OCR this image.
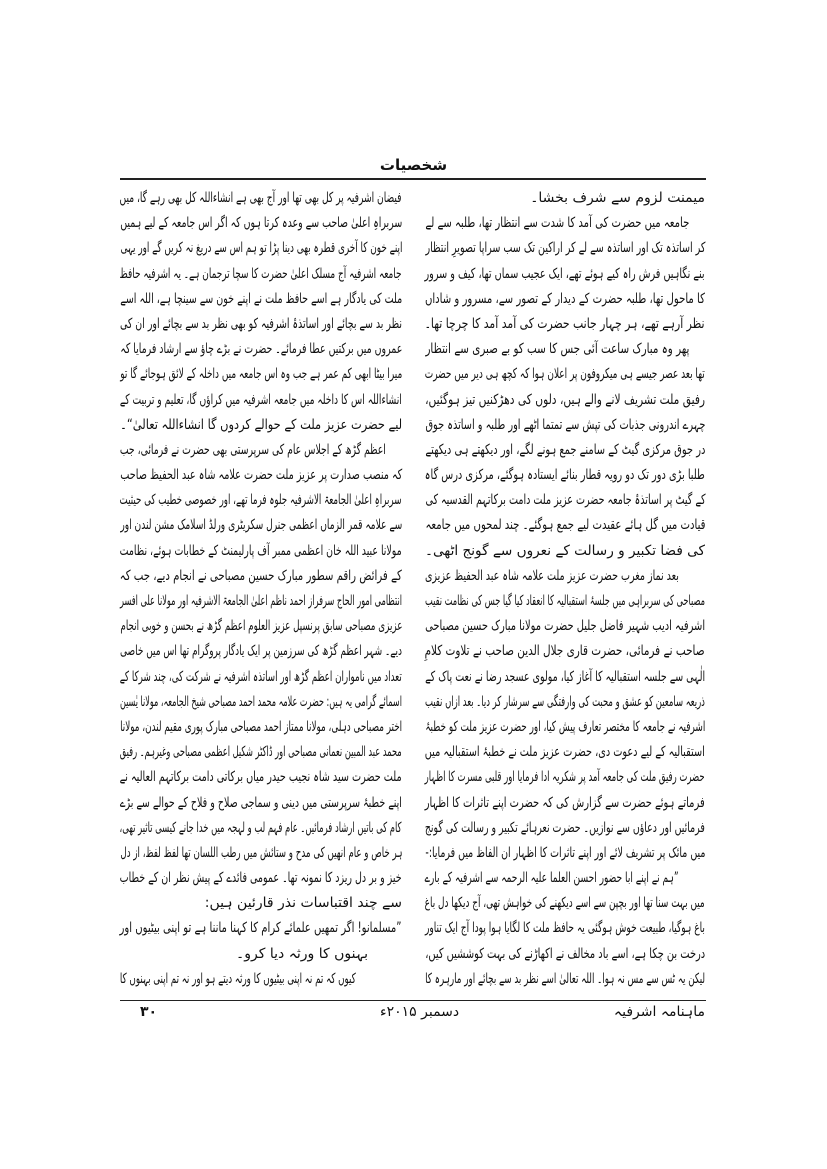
شخصیات
میمنت لزوم سے شرف بخشا۔
جامعہ میں حضرت کی آمد کا شدت سے انتظار تھا، طلبہ سے لے
کر اساتذہ تک اور اساتذہ سے لے کر اراکین تک سب سراپا تصویرِ انتظار
بنے نگاہیں فرش راہ کیے ہوئے تھے، ایک عجیب سماں تھا، کیف و سرور
کا ماحول تھا، طلبہ حضرت کے دیدار کے تصور سے، مسرور و شاداں
نظر آرہے تھے، ہر چہار جانب حضرت کی آمد آمد کا چرچا تھا۔
پھر وہ مبارک ساعت آئی جس کا سب کو بے صبری سے انتظار
تھا بعد عصر جیسے ہی میکروفون پر اعلان ہوا کہ کچھ ہی دیر میں حضرت
رفیق ملت تشریف لانے والے ہیں، دلوں کی دھڑکنیں تیز ہوگئیں،
چہرے اندرونی جذبات کی تپش سے تمتما اٹھے اور طلبہ و اساتذہ جوق
در جوق مرکزی گیٹ کے سامنے جمع ہونے لگے، اور دیکھتے ہی دیکھتے
طلبا بڑی دور تک دو رویہ قطار بنائے ایستادہ ہوگئے، مرکزی درس گاہ
کے گیٹ پر اساتذۂ جامعہ حضرت عزیز ملت دامت برکاتہم القدسیہ کی
قیادت میں گل ہائے عقیدت لیے جمع ہوگئے۔ چند لمحوں میں جامعہ
کی فضا تکبیر و رسالت کے نعروں سے گونج اٹھی۔
بعد نماز مغرب حضرت عزیز ملت علامہ شاہ عبد الحفیظ عزیزی
مصباحی کی سربراہی میں جلسۂ استقبالیہ کا انعقاد کیا گیا جس کی نظامت نقیب
اشرفیہ ادیب شہیر فاضل جلیل حضرت مولانا مبارک حسین مصباحی
صاحب نے فرمائی، حضرت قاری جلال الدین صاحب نے تلاوت کلامِ
الٰہی سے جلسہ استقبالیہ کا آغاز کیا، مولوی عسجد رضا نے نعت پاک کے
ذریعہ سامعین کو عشق و محبت کی وارفتگی سے سرشار کر دیا۔ بعد ازاں نقیب
اشرفیہ نے جامعہ کا مختصر تعارف پیش کیا، اور حضرت عزیز ملت کو خطبۂ
استقبالیہ کے لیے دعوت دی، حضرت عزیز ملت نے خطبۂ استقبالیہ میں
حضرت رفیق ملت کی جامعہ آمد پر شکریہ ادا فرمایا اور قلبی مسرت کا اظہار
فرماتے ہوئے حضرت سے گزارش کی کہ حضرت اپنے تاثرات کا اظہار
فرمائیں اور دعاؤں سے نوازیں۔ حضرت نعرہائے تکبیر و رسالت کی گونج
میں مائک پر تشریف لائے اور اپنے تاثرات کا اظہار ان الفاظ میں فرمایا:-
”ہم نے اپنے ابا حضور احسن العلما علیہ الرحمہ سے اشرفیہ کے بارے
میں بہت سنا تھا اور بچپن سے اسے دیکھنے کی خواہش تھی، آج دیکھا دل باغ
باغ ہوگیا، طبیعت خوش ہوگئی یہ حافظ ملت کا لگایا ہوا پودا آج ایک تناور
درخت بن چکا ہے، اسے باد مخالف نے اکھاڑنے کی بہت کوششیں کیں،
لیکن یہ ٹس سے مس نہ ہوا۔ اللہ تعالیٰ اسے نظر بد سے بچائے اور مارہرہ کا
فیضان اشرفیہ پر کل بھی تھا اور آج بھی ہے انشاءاللہ کل بھی رہے گا، میں
سربراہِ اعلیٰ صاحب سے وعدہ کرتا ہوں کہ اگر اس جامعہ کے لیے ہمیں
اپنے خون کا آخری قطرہ بھی دینا پڑا تو ہم اس سے دریغ نہ کریں گے اور یہی
جامعہ اشرفیہ آج مسلک اعلیٰ حضرت کا سچا ترجمان ہے۔ یہ اشرفیہ حافظ
ملت کی یادگار ہے اسے حافظ ملت نے اپنے خون سے سینچا ہے، اللہ اسے
نظر بد سے بچائے اور اساتذۂ اشرفیہ کو بھی نظر بد سے بچائے اور ان کی
عمروں میں برکتیں عطا فرمائے۔ حضرت نے بڑے چاؤ سے ارشاد فرمایا کہ
میرا بیٹا ابھی کم عمر ہے جب وہ اس جامعہ میں داخلہ کے لائق ہوجائے گا تو
انشاءاللہ اس کا داخلہ میں جامعہ اشرفیہ میں کراؤں گا، تعلیم و تربیت کے
لیے حضرت عزیز ملت کے حوالے کردوں گا انشاءاللہ تعالیٰ“۔
اعظم گڑھ کے اجلاس عام کی سرپرستی بھی حضرت نے فرمائی، جب
کہ منصب صدارت پر عزیز ملت حضرت علامہ شاہ عبد الحفیظ صاحب
سربراہِ اعلیٰ الجامعۃ الاشرفیہ جلوہ فرما تھے، اور خصوصی خطیب کی حیثیت
سے علامہ قمر الزماں اعظمی جنرل سکریٹری ورلڈ اسلامک مشن لندن اور
مولانا عبید اللہ خان اعظمی ممبر آف پارلیمنٹ کے خطابات ہوئے، نظامت
کے فرائض راقم سطور مبارک حسین مصباحی نے انجام دیے، جب کہ
انتظامی امور الحاج سرفراز احمد ناظم اعلیٰ الجامعۃ الاشرفیہ اور مولانا علی افسر
عزیزی مصباحی سابق پرنسپل عزیز العلوم اعظم گڑھ نے بحسن و خوبی انجام
دیے۔ شہر اعظم گڑھ کی سرزمین پر ایک یادگار پروگرام تھا اس میں خاصی
تعداد میں نامواران اعظم گڑھ اور اساتذہ اشرفیہ نے شرکت کی، چند شرکا کے
اسمائے گرامی یہ ہیں: حضرت علامہ محمد احمد مصباحی شیخ الجامعہ، مولانا یٰسین
اختر مصباحی دہلی، مولانا ممتاز احمد مصباحی مبارک پوری مقیم لندن، مولانا
محمد عبد المبین نعمانی مصباحی اور ڈاکٹر شکیل اعظمی مصباحی وغیرہم۔ رفیق
ملت حضرت سید شاہ نجیب حیدر میاں برکاتی دامت برکاتہم العالیہ نے
اپنے خطبۂ سرپرستی میں دینی و سماجی صلاح و فلاح کے حوالے سے بڑے
کام کی باتیں ارشاد فرمائیں۔ عام فہم لب و لہجہ میں خدا جانے کیسی تاثیر تھی،
ہر خاص و عام انھیں کی مدح و ستائش میں رطب اللسان تھا لفظ لفظ، از دل
خیز و بر دل ریزد کا نمونہ تھا۔ عمومی فائدے کے پیش نظر ان کے خطاب
سے چند اقتباسات نذر قارئین ہیں:
”مسلمانو! اگر تمھیں علمائے کرام کا کہنا ماننا ہے تو اپنی بیٹیوں اور
بہنوں کا ورثہ دیا کرو۔
کیوں کہ تم نہ اپنی بیٹیوں کا ورثہ دیتے ہو اور نہ تم اپنی بہنوں کا
ماہنامہ اشرفیہ
دسمبر ۲۰۱۵ء
۳۰
